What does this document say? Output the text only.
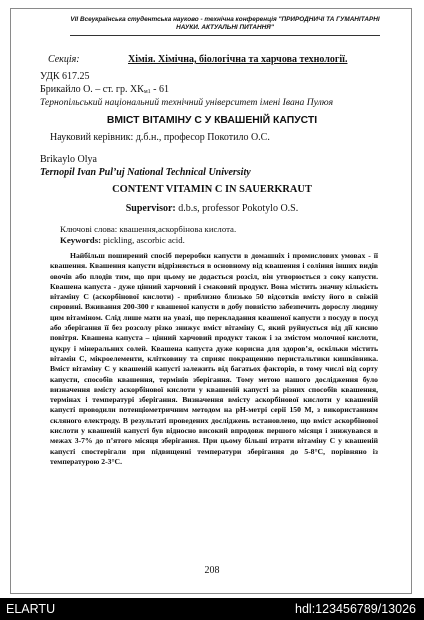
VII Всеукраїнська студентська науково - технічна конференція "ПРИРОДНИЧІ ТА ГУМАНІТАРНІ НАУКИ. АКТУАЛЬНІ ПИТАННЯ"
Секція:	Хімія. Хімічна, біологічна та харчова технології.
УДК 617.25
Брикайло О. – ст. гр. $ХК_{м1} - 61$
Тернопільський національний технічний університет імені Івана Пулюя
ВМІСТ ВІТАМІНУ С У КВАШЕНІЙ КАПУСТІ
Науковий керівник: д.б.н., професор Покотило О.С.
Brikaylo Olya
Ternopil Ivan Pul’uj National Technical University
CONTENT VITAMIN C IN SAUERKRAUT
Supervisor: d.b.s, professor Pokotylo O.S.
Ключові слова: квашення,аскорбінова кислота.
Keywords: pickling, ascorbic acid.
Найбільш поширений спосіб переробки капусти в домашніх і промислових умовах - її квашення. Квашення капусти відрізняється в основному від квашення і соління інших видів овочів або плодів тим, що при цьому не додається розсіл, він утворюється з соку капусти. Квашена капуста - дуже цінний харчовий і смаковий продукт. Вона містить значну кількість вітаміну С (аскорбінової кислоти) - приблизно близько 50 відсотків вмісту його в свіжій сировині. Вживання 200-300 г квашеної капусти в добу повністю забезпечить дорослу людину цим вітаміном. Слід лише мати на увазі, що перекладання квашеної капусти з посуду в посуд або зберігання її без розсолу різко знижує вміст вітаміну С, який руйнується від дії кисню повітря. Квашена капуста – цінний харчовий продукт також і за змістом молочної кислоти, цукру і мінеральних солей. Квашена капуста дуже корисна для здоров’я, оскільки містить вітамін С, мікроелементи, клітковину та сприяє покращенню перистальтики кишківника. Вміст вітаміну С у квашеній капусті залежить від багатьох факторів, в тому числі від сорту капусти, способів квашення, термінів зберігання. Тому метою нашого дослідження було визначення вмісту аскорбінової кислоти у квашеній капусті за різних способів квашення, термінах і температурі зберігання. Визначення вмісту аскорбінової кислоти у квашеній капусті проводили потенціометричним методом на pH-метрі серії 150 М, з використанням скляного електроду. В результаті проведених досліджень встановлено, що вміст аскорбінової кислоти у квашеній капусті був відносно високий впродовж першого місяця і знижувався в межах 3-7% до п’ятого місяця зберігання. При цьому більші втрати вітаміну С у квашеній капусті спостерігали при підвищенні температури зберігання до 5-8°С, порівняно із температурою 2-3°С.
208
ELARTU	hdl:123456789/13026
